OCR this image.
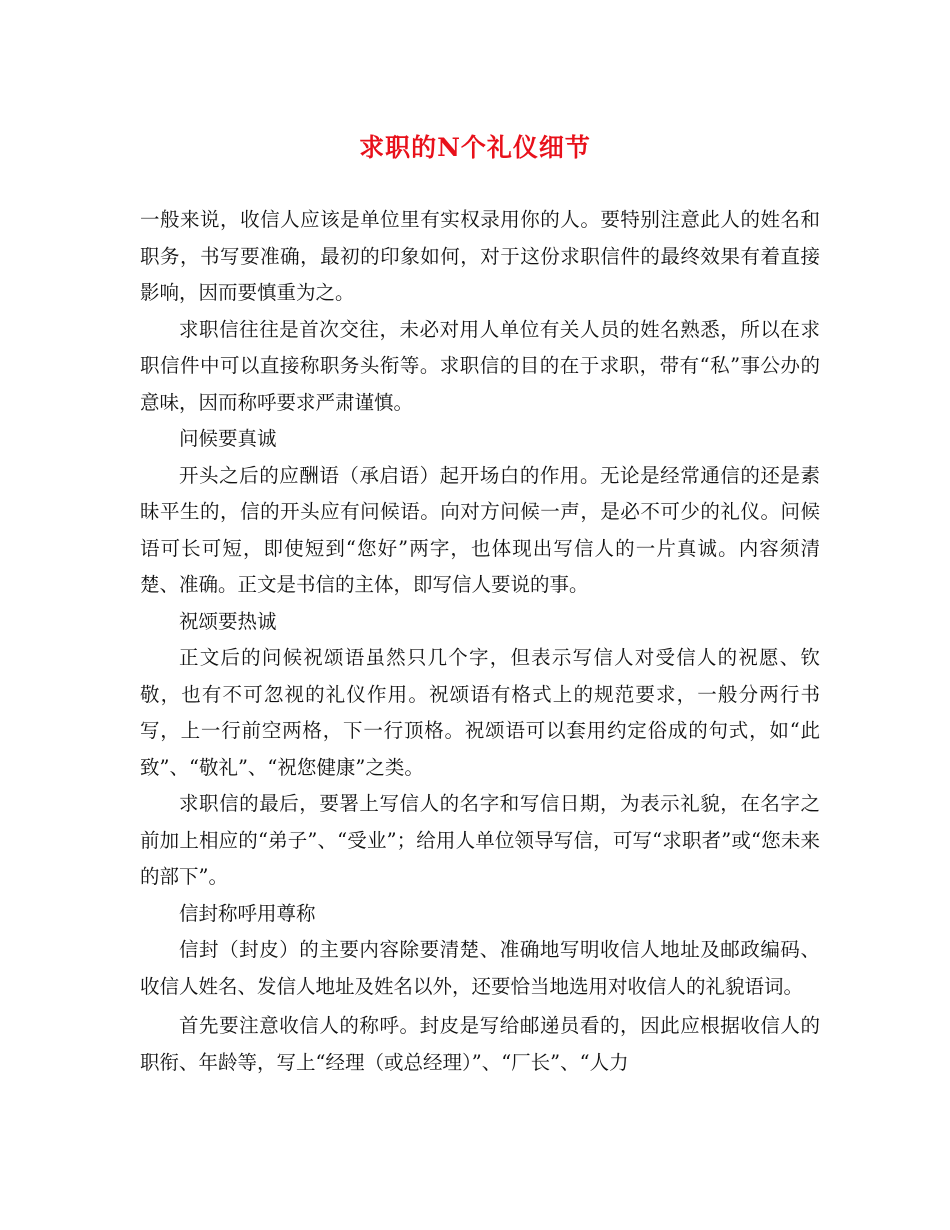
求职的N个礼仪细节

一般来说，收信人应该是单位里有实权录用你的人。要特别注意此人的姓名和职务，书写要准确，最初的印象如何，对于这份求职信件的最终效果有着直接影响，因而要慎重为之。

求职信往往是首次交往，未必对用人单位有关人员的姓名熟悉，所以在求职信件中可以直接称职务头衔等。求职信的目的在于求职，带有“私”事公办的意味，因而称呼要求严肃谨慎。

问候要真诚

开头之后的应酬语（承启语）起开场白的作用。无论是经常通信的还是素昧平生的，信的开头应有问候语。向对方问候一声，是必不可少的礼仪。问候语可长可短，即使短到“您好”两字，也体现出写信人的一片真诚。内容须清楚、准确。正文是书信的主体，即写信人要说的事。

祝颂要热诚

正文后的问候祝颂语虽然只几个字，但表示写信人对受信人的祝愿、钦敬，也有不可忽视的礼仪作用。祝颂语有格式上的规范要求，一般分两行书写，上一行前空两格，下一行顶格。祝颂语可以套用约定俗成的句式，如“此致”、“敬礼”、“祝您健康”之类。

求职信的最后，要署上写信人的名字和写信日期，为表示礼貌，在名字之前加上相应的“弟子”、“受业”；给用人单位领导写信，可写“求职者”或“您未来的部下”。

信封称呼用尊称

信封（封皮）的主要内容除要清楚、准确地写明收信人地址及邮政编码、收信人姓名、发信人地址及姓名以外，还要恰当地选用对收信人的礼貌语词。

首先要注意收信人的称呼。封皮是写给邮递员看的，因此应根据收信人的职衔、年龄等，写上“经理（或总经理）”、“厂长”、“人力
